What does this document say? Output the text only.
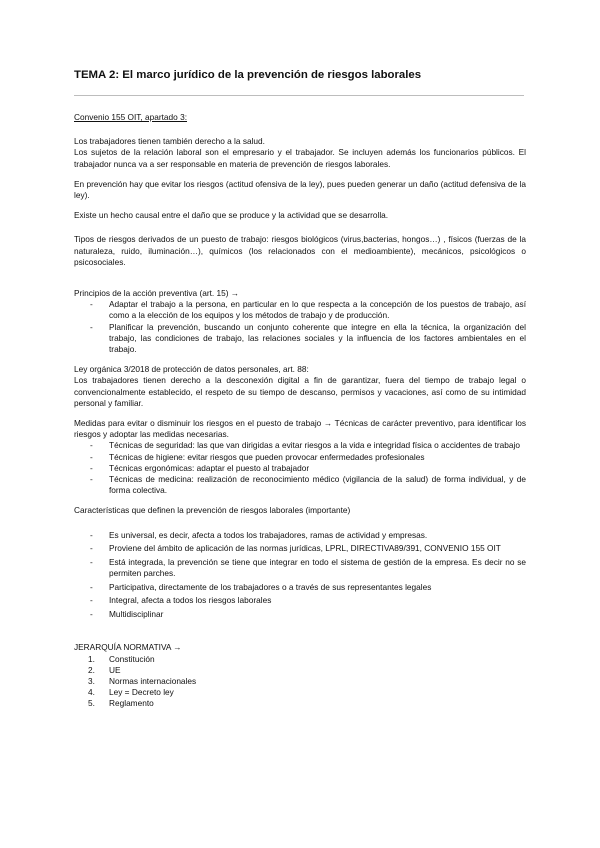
TEMA 2: El marco jurídico de la prevención de riesgos laborales

Convenio 155 OIT, apartado 3:

Los trabajadores tienen también derecho a la salud.

Los sujetos de la relación laboral son el empresario y el trabajador. Se incluyen además los funcionarios públicos. El trabajador nunca va a ser responsable en materia de prevención de riesgos laborales.

En prevención hay que evitar los riesgos (actitud ofensiva de la ley), pues pueden generar un daño (actitud defensiva de la ley).

Existe un hecho causal entre el daño que se produce y la actividad que se desarrolla.

Tipos de riesgos derivados de un puesto de trabajo: riesgos biológicos (virus,bacterias, hongos…) , físicos (fuerzas de la naturaleza, ruido, iluminación…), químicos (los relacionados con el medioambiente), mecánicos, psicológicos o psicosociales.

Principios de la acción preventiva (art. 15) →

- Adaptar el trabajo a la persona, en particular en lo que respecta a la concepción de los puestos de trabajo, así como a la elección de los equipos y los métodos de trabajo y de producción.
- Planificar la prevención, buscando un conjunto coherente que integre en ella la técnica, la organización del trabajo, las condiciones de trabajo, las relaciones sociales y la influencia de los factores ambientales en el trabajo.

Ley orgánica 3/2018 de protección de datos personales, art. 88:

Los trabajadores tienen derecho a la desconexión digital a fin de garantizar, fuera del tiempo de trabajo legal o convencionalmente establecido, el respeto de su tiempo de descanso, permisos y vacaciones, así como de su intimidad personal y familiar.

Medidas para evitar o disminuir los riesgos en el puesto de trabajo → Técnicas de carácter preventivo, para identificar los riesgos y adoptar las medidas necesarias.

- Técnicas de seguridad: las que van dirigidas a evitar riesgos a la vida e integridad física o accidentes de trabajo
- Técnicas de higiene: evitar riesgos que pueden provocar enfermedades profesionales
- Técnicas ergonómicas: adaptar el puesto al trabajador
- Técnicas de medicina: realización de reconocimiento médico (vigilancia de la salud) de forma individual, y de forma colectiva.

Características que definen la prevención de riesgos laborales (importante)

- Es universal, es decir, afecta a todos los trabajadores, ramas de actividad y empresas.
- Proviene del ámbito de aplicación de las normas jurídicas, LPRL, DIRECTIVA89/391, CONVENIO 155 OIT
- Está integrada, la prevención se tiene que integrar en todo el sistema de gestión de la empresa. Es decir no se permiten parches.
- Participativa, directamente de los trabajadores o a través de sus representantes legales
- Integral, afecta a todos los riesgos laborales
- Multidisciplinar

JERARQUÍA NORMATIVA →

1. Constitución
2. UE
3. Normas internacionales
4. Ley = Decreto ley
5. Reglamento
